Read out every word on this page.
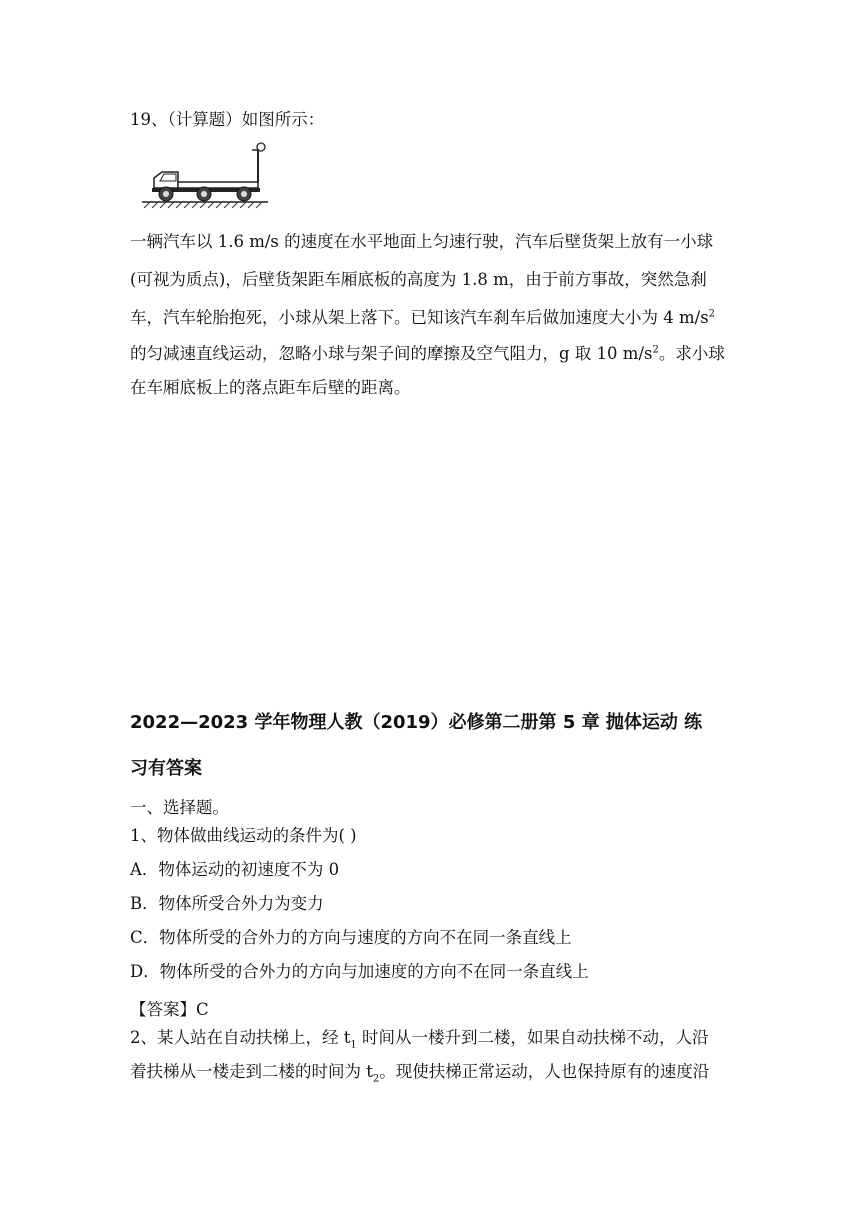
19、（计算题）如图所示：
一辆汽车以 1.6 m/s 的速度在水平地面上匀速行驶，汽车后壁货架上放有一小球
(可视为质点)，后壁货架距车厢底板的高度为 1.8 m，由于前方事故，突然急刹
车，汽车轮胎抱死，小球从架上落下。已知该汽车刹车后做加速度大小为 4 $m/s^2$
的匀减速直线运动，忽略小球与架子间的摩擦及空气阻力，g 取 10 $m/s^2$。求小球
在车厢底板上的落点距车后壁的距离。
2022—2023 学年物理人教（2019）必修第二册第 5 章 抛体运动 练
习有答案
一、选择题。
1、物体做曲线运动的条件为( )
A．物体运动的初速度不为 0
B．物体所受合外力为变力
C．物体所受的合外力的方向与速度的方向不在同一条直线上
D．物体所受的合外力的方向与加速度的方向不在同一条直线上
【答案】C
2、某人站在自动扶梯上，经 $t_1$ 时间从一楼升到二楼，如果自动扶梯不动，人沿
着扶梯从一楼走到二楼的时间为 $t_2$。现使扶梯正常运动，人也保持原有的速度沿
